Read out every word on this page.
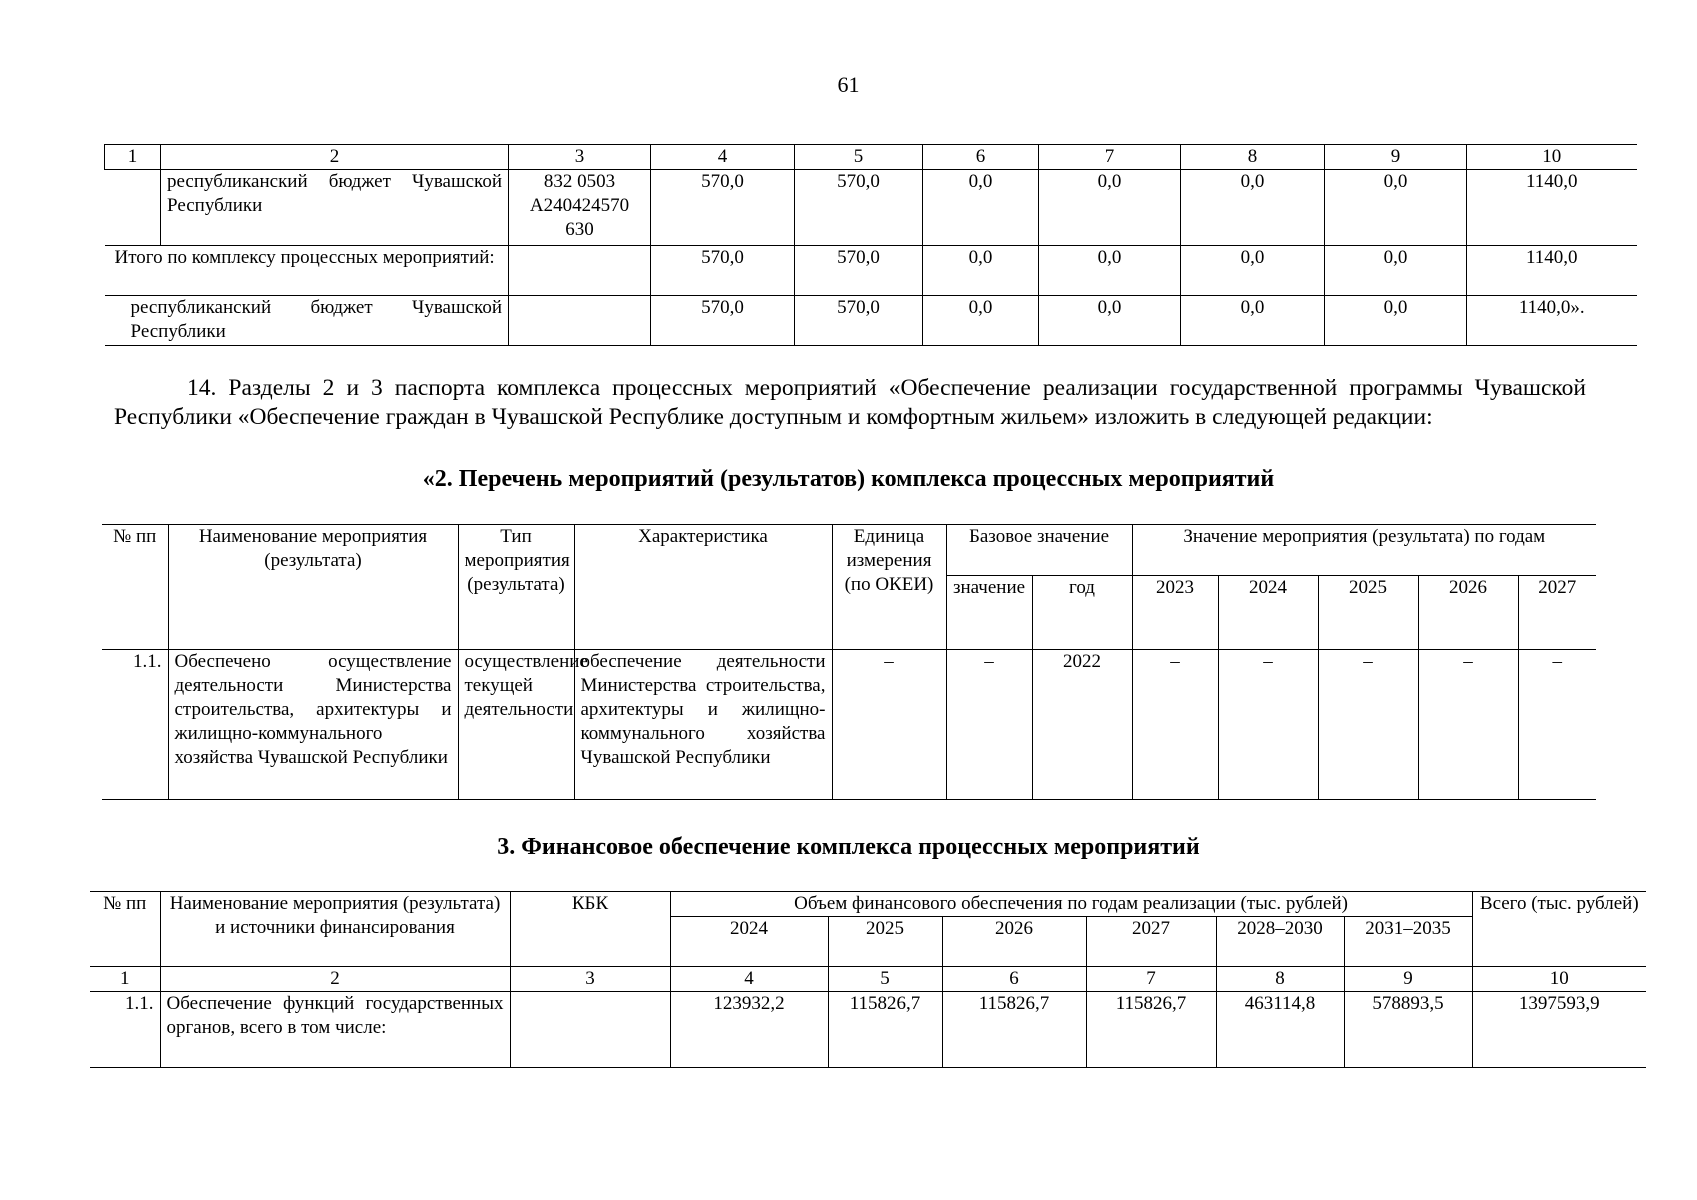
61
1	2	3	4	5	6	7	8	9	10
	республиканский бюджет Чувашской Республики	832 0503 А240424570 630	570,0	570,0	0,0	0,0	0,0	0,0	1140,0
Итого по комплексу процессных мероприятий:			570,0	570,0	0,0	0,0	0,0	0,0	1140,0
республиканский бюджет Чувашской Республики			570,0	570,0	0,0	0,0	0,0	0,0	1140,0».
14. Разделы 2 и 3 паспорта комплекса процессных мероприятий «Обеспечение реализации государственной программы Чувашской Республики «Обеспечение граждан в Чувашской Республике доступным и комфортным жильем» изложить в следующей редакции:
«2. Перечень мероприятий (результатов) комплекса процессных мероприятий
№ пп	Наименование мероприятия (результата)	Тип мероприятия (результата)	Характеристика	Единица измерения (по ОКЕИ)	Базовое значение		Значение мероприятия (результата) по годам				
					значение	год	2023	2024	2025	2026	2027
1.1.	Обеспечено осуществление деятельности Министерства строительства, архитектуры и жилищно-коммунального хозяйства Чувашской Республики	осуществление текущей деятельности	обеспечение деятельности Министерства строительства, архитектуры и жилищно-коммунального хозяйства Чувашской Республики	–	–	2022	–	–	–	–	–
3. Финансовое обеспечение комплекса процессных мероприятий
№ пп	Наименование мероприятия (результата) и источники финансирования	КБК	Объем финансового обеспечения по годам реализации (тыс. рублей)						Всего (тыс. рублей)
			2024	2025	2026	2027	2028–2030	2031–2035	
1	2	3	4	5	6	7	8	9	10
1.1.	Обеспечение функций государственных органов, всего в том числе:		123932,2	115826,7	115826,7	115826,7	463114,8	578893,5	1397593,9
